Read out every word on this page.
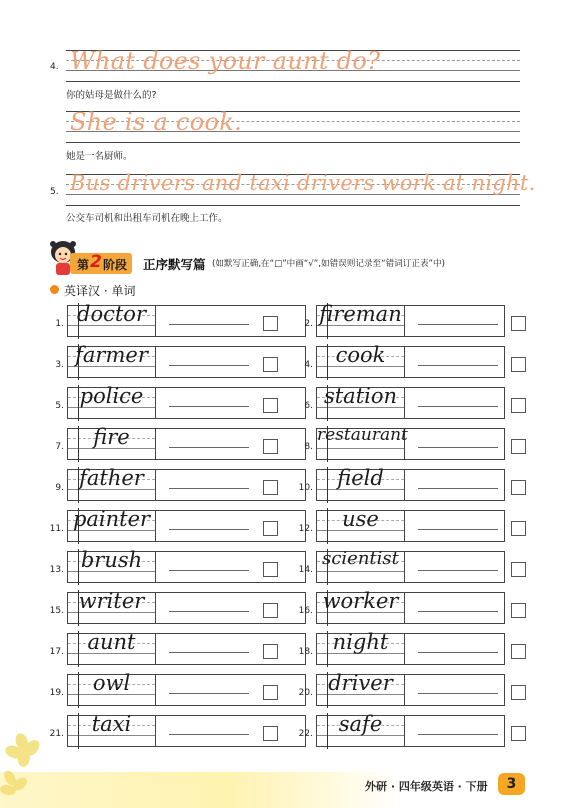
4. What does your aunt do?
你的姑母是做什么的?
She is a cook.
她是一名厨师。
5. Bus drivers and taxi drivers work at night.
公交车司机和出租车司机在晚上工作。
第 2 阶段 正序默写篇 (如默写正确,在“□”中画“√”,如错误则记录至“错词订正表”中)
英译汉 · 单词
1. doctor
3. farmer
5. police
7.	fire
9. father
11. painter
13. brush
15. writer
17.	aunt
19.	owl
21.	taxi
2. fireman
4.	cook
6. station
8.
restaurant
10.	field
12.	use
14.
scientist
16. worker
18. night
20. driver
22.	safe
外研 · 四年级英语 · 下册	3
